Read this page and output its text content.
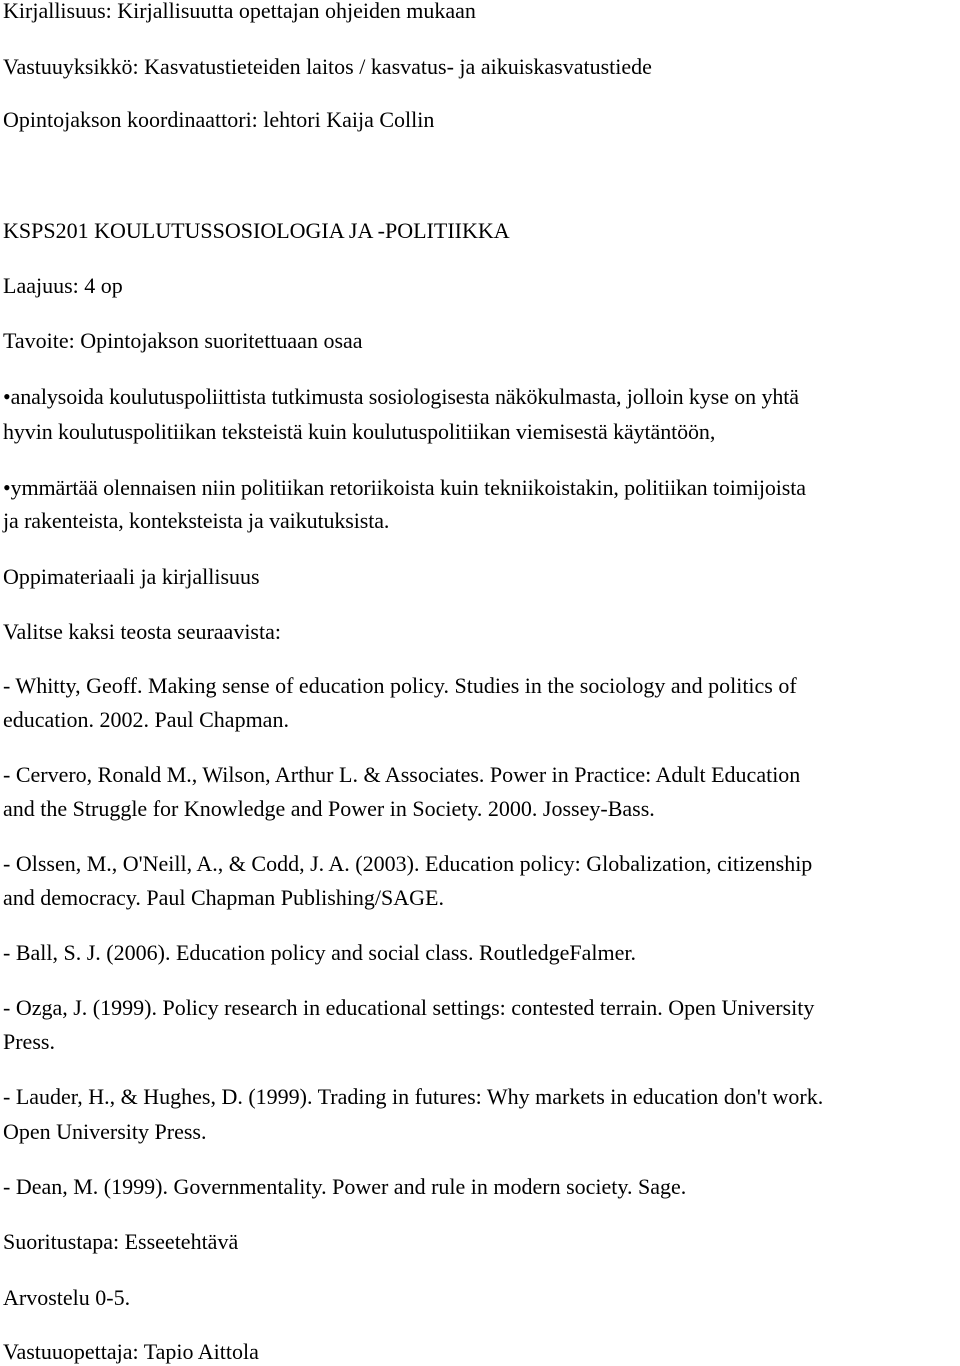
Kirjallisuus: Kirjallisuutta opettajan ohjeiden mukaan

Vastuuyksikkö: Kasvatustieteiden laitos / kasvatus- ja aikuiskasvatustiede

Opintojakson koordinaattori: lehtori Kaija Collin

KSPS201 KOULUTUSSOSIOLOGIA JA -POLITIIKKA

Laajuus: 4 op

Tavoite: Opintojakson suoritettuaan osaa

•analysoida koulutuspoliittista tutkimusta sosiologisesta näkökulmasta, jolloin kyse on yhtä

hyvin koulutuspolitiikan teksteistä kuin koulutuspolitiikan viemisestä käytäntöön,

•ymmärtää olennaisen niin politiikan retoriikoista kuin tekniikoistakin, politiikan toimijoista

ja rakenteista, konteksteista ja vaikutuksista.

Oppimateriaali ja kirjallisuus

Valitse kaksi teosta seuraavista:

- Whitty, Geoff. Making sense of education policy. Studies in the sociology and politics of

education. 2002. Paul Chapman.

- Cervero, Ronald M., Wilson, Arthur L. & Associates. Power in Practice: Adult Education

and the Struggle for Knowledge and Power in Society. 2000. Jossey-Bass.

- Olssen, M., O'Neill, A., & Codd, J. A. (2003). Education policy: Globalization, citizenship

and democracy. Paul Chapman Publishing/SAGE.

- Ball, S. J. (2006). Education policy and social class. RoutledgeFalmer.

- Ozga, J. (1999). Policy research in educational settings: contested terrain. Open University

Press.

- Lauder, H., & Hughes, D. (1999). Trading in futures: Why markets in education don't work.

Open University Press.

- Dean, M. (1999). Governmentality. Power and rule in modern society. Sage.

Suoritustapa: Esseetehtävä

Arvostelu 0-5.

Vastuuopettaja: Tapio Aittola
